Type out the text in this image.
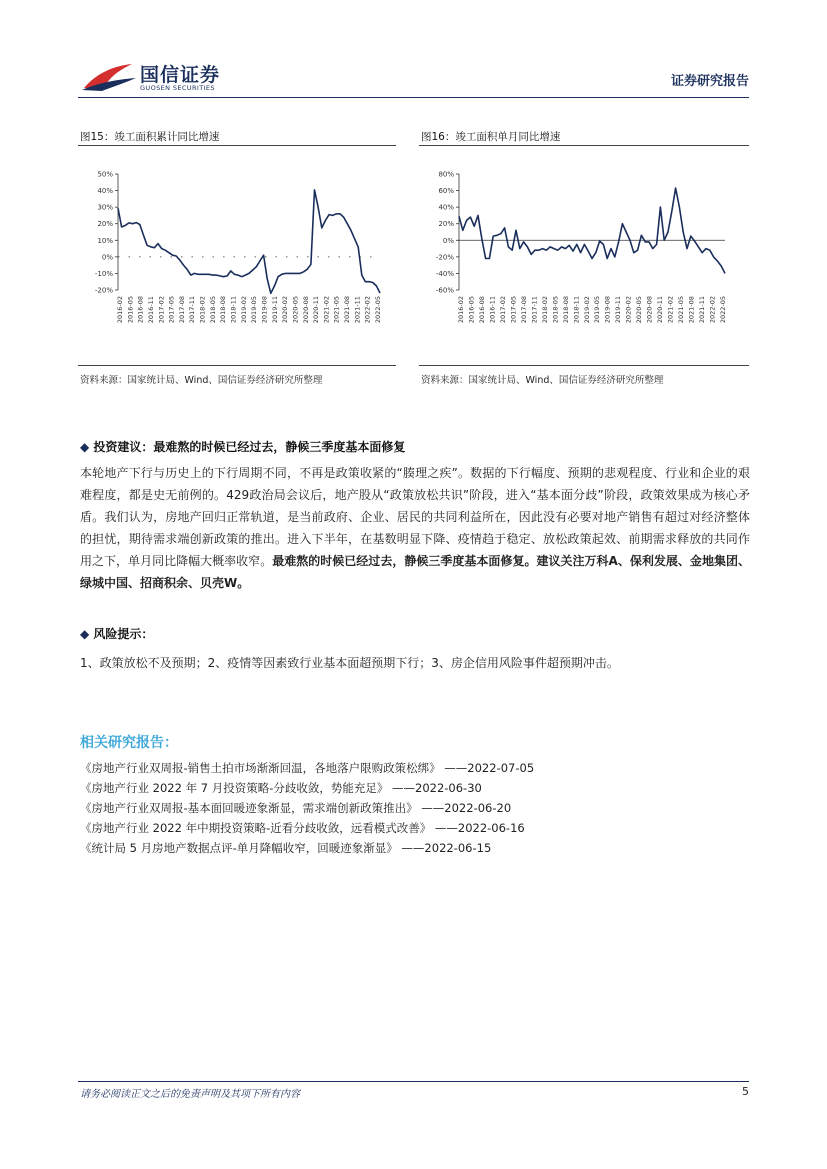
国信证券
GUOSEN SECURITIES	证券研究报告
图15：竣工面积累计同比增速
50%
40%
30%
20%
10%
0%
-10%
-20%
2016-02 2016-05 2016-08 2016-11 2017-02 2017-05 2017-08 2017-11 2018-02 2018-05 2018-08 2018-11 2019-02 2019-05 2019-08 2019-11 2020-02 2020-05 2020-08 2020-11 2021-02 2021-05 2021-08 2021-11 2022-02 2022-05
资料来源：国家统计局、Wind、国信证券经济研究所整理
图16：竣工面积单月同比增速
80%
60%
40%
20%
0%
-20%
-40%
-60%
2016-02 2016-05 2016-08 2016-11 2017-02 2017-05 2017-08 2017-11 2018-02 2018-05 2018-08 2018-11 2019-02 2019-05 2019-08 2019-11 2020-02 2020-05 2020-08 2020-11 2021-02 2021-05 2021-08 2021-11 2022-02 2022-05
资料来源：国家统计局、Wind、国信证券经济研究所整理
◆ 投资建议：最难熬的时候已经过去，静候三季度基本面修复
本轮地产下行与历史上的下行周期不同，不再是政策收紧的“腠理之疾”。数据的下行幅度、预期的悲观程度、行业和企业的艰难程度，都是史无前例的。429政治局会议后，地产股从“政策放松共识”阶段，进入“基本面分歧”阶段，政策效果成为核心矛盾。我们认为，房地产回归正常轨道，是当前政府、企业、居民的共同利益所在，因此没有必要对地产销售有超过对经济整体的担忧，期待需求端创新政策的推出。进入下半年，在基数明显下降、疫情趋于稳定、放松政策起效、前期需求释放的共同作用之下，单月同比降幅大概率收窄。最难熬的时候已经过去，静候三季度基本面修复。建议关注万科A、保利发展、金地集团、绿城中国、招商积余、贝壳W。
◆ 风险提示：
1、政策放松不及预期；2、疫情等因素致行业基本面超预期下行；3、房企信用风险事件超预期冲击。
相关研究报告：
《房地产行业双周报-销售土拍市场渐渐回温，各地落户限购政策松绑》 ——2022-07-05
《房地产行业 2022 年 7 月投资策略-分歧收敛，势能充足》 ——2022-06-30
《房地产行业双周报-基本面回暖迹象渐显，需求端创新政策推出》 ——2022-06-20
《房地产行业 2022 年中期投资策略-近看分歧收敛，远看模式改善》 ——2022-06-16
《统计局 5 月房地产数据点评-单月降幅收窄，回暖迹象渐显》 ——2022-06-15
请务必阅读正文之后的免责声明及其项下所有内容	5
